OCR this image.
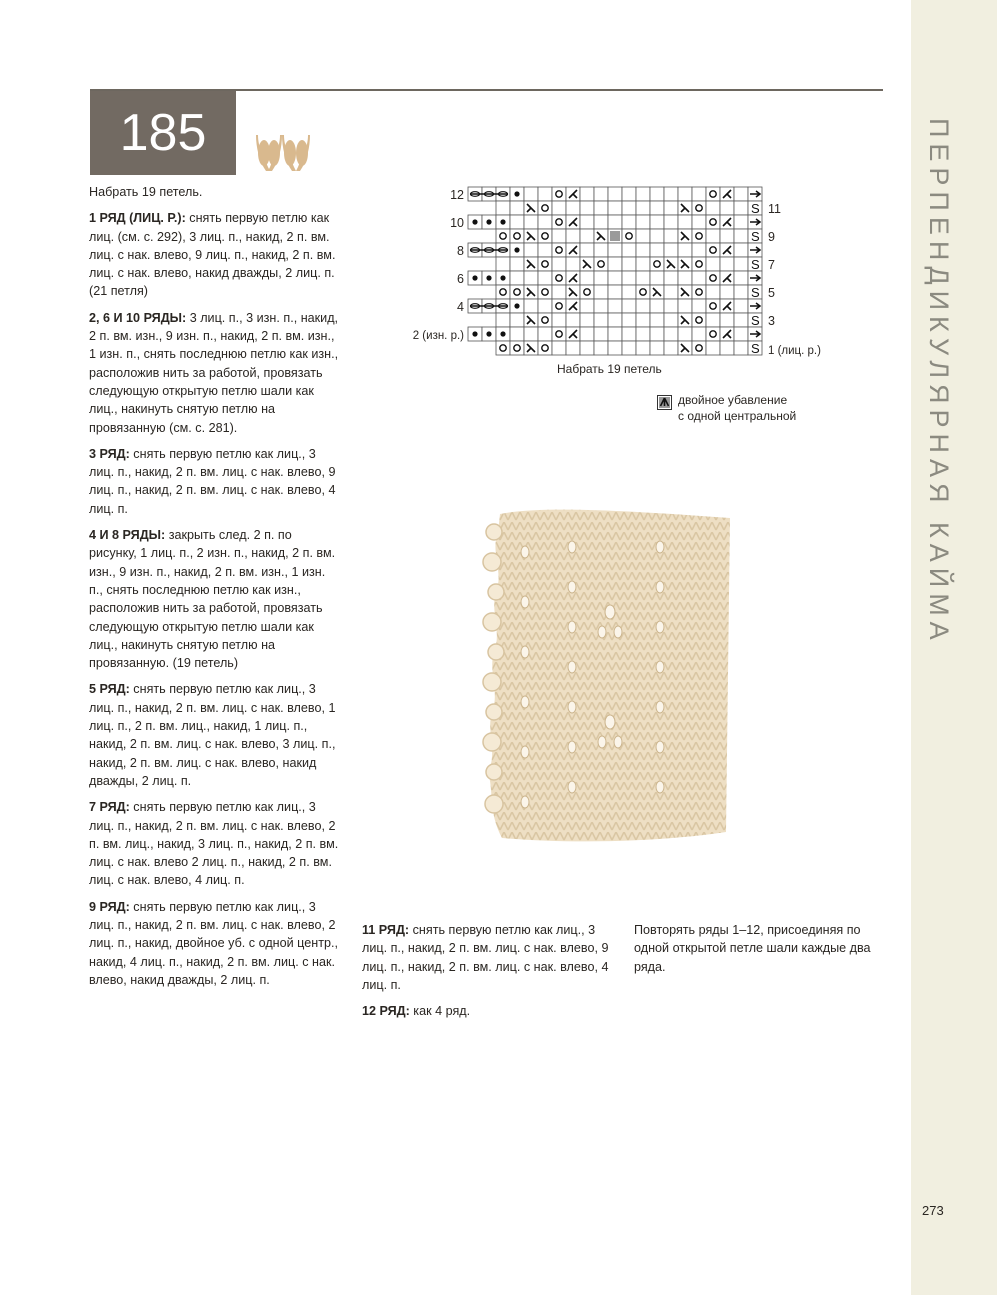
ПЕРПЕНДИКУЛЯРНАЯ КАЙМА
185

Набрать 19 петель.

1 РЯД (ЛИЦ. Р.): снять первую петлю как лиц. (см. с. 292), 3 лиц. п., накид, 2 п. вм. лиц. с нак. влево, 9 лиц. п., накид, 2 п. вм. лиц. с нак. влево, накид дважды, 2 лиц. п. (21 петля)

2, 6 И 10 РЯДЫ: 3 лиц. п., 3 изн. п., накид, 2 п. вм. изн., 9 изн. п., накид, 2 п. вм. изн., 1 изн. п., снять последнюю петлю как изн., расположив нить за работой, провязать следующую открытую петлю шали как лиц., накинуть снятую петлю на провязанную (см. с. 281).

3 РЯД: снять первую петлю как лиц., 3 лиц. п., накид, 2 п. вм. лиц. с нак. влево, 9 лиц. п., накид, 2 п. вм. лиц. с нак. влево, 4 лиц. п.

4 И 8 РЯДЫ: закрыть след. 2 п. по рисунку, 1 лиц. п., 2 изн. п., накид, 2 п. вм. изн., 9 изн. п., накид, 2 п. вм. изн., 1 изн. п., снять последнюю петлю как изн., расположив нить за работой, провязать следующую открытую петлю шали как лиц., накинуть снятую петлю на провязанную. (19 петель)

5 РЯД: снять первую петлю как лиц., 3 лиц. п., накид, 2 п. вм. лиц. с нак. влево, 1 лиц. п., 2 п. вм. лиц., накид, 1 лиц. п., накид, 2 п. вм. лиц. с нак. влево, 3 лиц. п., накид, 2 п. вм. лиц. с нак. влево, накид дважды, 2 лиц. п.

7 РЯД: снять первую петлю как лиц., 3 лиц. п., накид, 2 п. вм. лиц. с нак. влево, 2 п. вм. лиц., накид, 3 лиц. п., накид, 2 п. вм. лиц. с нак. влево 2 лиц. п., накид, 2 п. вм. лиц. с нак. влево, 4 лиц. п.

9 РЯД: снять первую петлю как лиц., 3 лиц. п., накид, 2 п. вм. лиц. с нак. влево, 2 лиц. п., накид, двойное уб. с одной центр., накид, 4 лиц. п., накид, 2 п. вм. лиц. с нак. влево, накид дважды, 2 лиц. п.

S
S
S
S
S
S
12
10
8
6
4
2 (изн. р.)
11
9
7
5
3
1 (лиц. р.)
Набрать 19 петель
двойное убавление
с одной центральной

11 РЯД: снять первую петлю как лиц., 3 лиц. п., накид, 2 п. вм. лиц. с нак. влево, 9 лиц. п., накид, 2 п. вм. лиц. с нак. влево, 4 лиц. п.

12 РЯД: как 4 ряд.

Повторять ряды 1–12, присоединяя по одной открытой петле шали каждые два ряда.

273
